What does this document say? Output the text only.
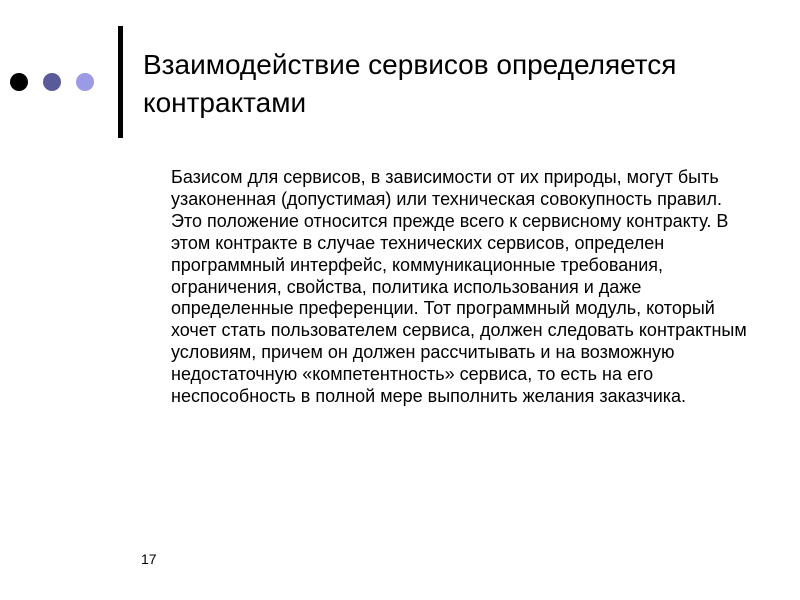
Взаимодействие сервисов определяется контрактами

Базисом для сервисов, в зависимости от их природы, могут быть узаконенная (допустимая) или техническая совокупность правил. Это положение относится прежде всего к сервисному контракту. В этом контракте в случае технических сервисов, определен программный интерфейс, коммуникационные требования, ограничения, свойства, политика использования и даже определенные преференции. Тот программный модуль, который хочет стать пользователем сервиса, должен следовать контрактным условиям, причем он должен рассчитывать и на возможную недостаточную «компетентность» сервиса, то есть на его неспособность в полной мере выполнить желания заказчика.

17
